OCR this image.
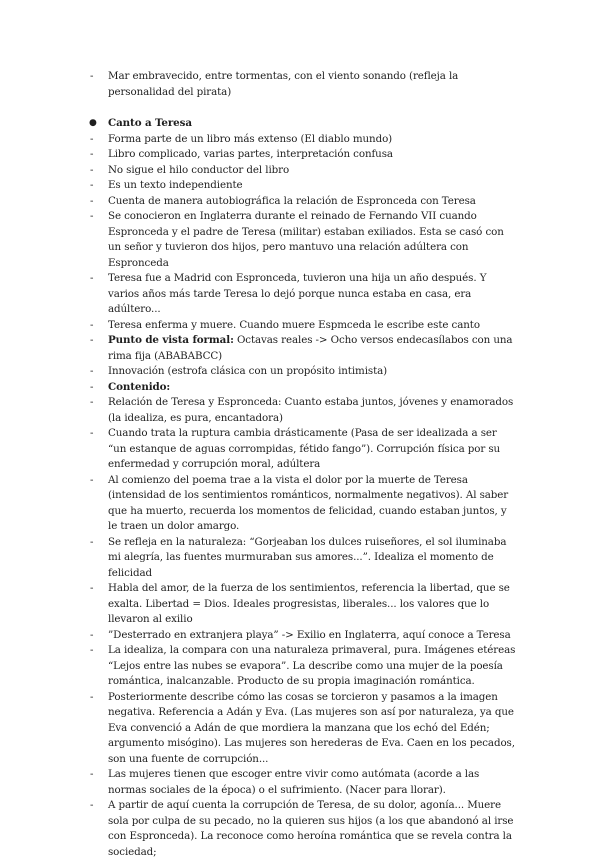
- Mar embravecido, entre tormentas, con el viento sonando (refleja la personalidad del pirata)
● Canto a Teresa
- Forma parte de un libro más extenso (El diablo mundo)
- Libro complicado, varias partes, interpretación confusa
- No sigue el hilo conductor del libro
- Es un texto independiente
- Cuenta de manera autobiográfica la relación de Espronceda con Teresa
- Se conocieron en Inglaterra durante el reinado de Fernando VII cuando Espronceda y el padre de Teresa (militar) estaban exiliados. Esta se casó con un señor y tuvieron dos hijos, pero mantuvo una relación adúltera con Espronceda
- Teresa fue a Madrid con Espronceda, tuvieron una hija un año después. Y varios años más tarde Teresa lo dejó porque nunca estaba en casa, era adúltero...
- Teresa enferma y muere. Cuando muere Espmceda le escribe este canto
- Punto de vista formal: Octavas reales -> Ocho versos endecasílabos con una rima fija (ABABABCC)
- Innovación (estrofa clásica con un propósito intimista)
- Contenido:
- Relación de Teresa y Espronceda: Cuanto estaba juntos, jóvenes y enamorados (la idealiza, es pura, encantadora)
- Cuando trata la ruptura cambia drásticamente (Pasa de ser idealizada a ser “un estanque de aguas corrompidas, fétido fango”). Corrupción física por su enfermedad y corrupción moral, adúltera
- Al comienzo del poema trae a la vista el dolor por la muerte de Teresa (intensidad de los sentimientos románticos, normalmente negativos). Al saber que ha muerto, recuerda los momentos de felicidad, cuando estaban juntos, y le traen un dolor amargo.
- Se refleja en la naturaleza: “Gorjeaban los dulces ruiseñores, el sol iluminaba mi alegría, las fuentes murmuraban sus amores...”. Idealiza el momento de felicidad
- Habla del amor, de la fuerza de los sentimientos, referencia la libertad, que se exalta. Libertad = Dios. Ideales progresistas, liberales... los valores que lo llevaron al exilio
- ”Desterrado en extranjera playa” -> Exilio en Inglaterra, aquí conoce a Teresa
- La idealiza, la compara con una naturaleza primaveral, pura. Imágenes etéreas “Lejos entre las nubes se evapora”. La describe como una mujer de la poesía romántica, inalcanzable. Producto de su propia imaginación romántica.
- Posteriormente describe cómo las cosas se torcieron y pasamos a la imagen negativa. Referencia a Adán y Eva. (Las mujeres son así por naturaleza, ya que Eva convenció a Adán de que mordiera la manzana que los echó del Edén; argumento misógino). Las mujeres son herederas de Eva. Caen en los pecados, son una fuente de corrupción...
- Las mujeres tienen que escoger entre vivir como autómata (acorde a las normas sociales de la época) o el sufrimiento. (Nacer para llorar).
- A partir de aquí cuenta la corrupción de Teresa, de su dolor, agonía... Muere sola por culpa de su pecado, no la quieren sus hijos (a los que abandonó al irse con Espronceda). La reconoce como heroína romántica que se revela contra la sociedad;
